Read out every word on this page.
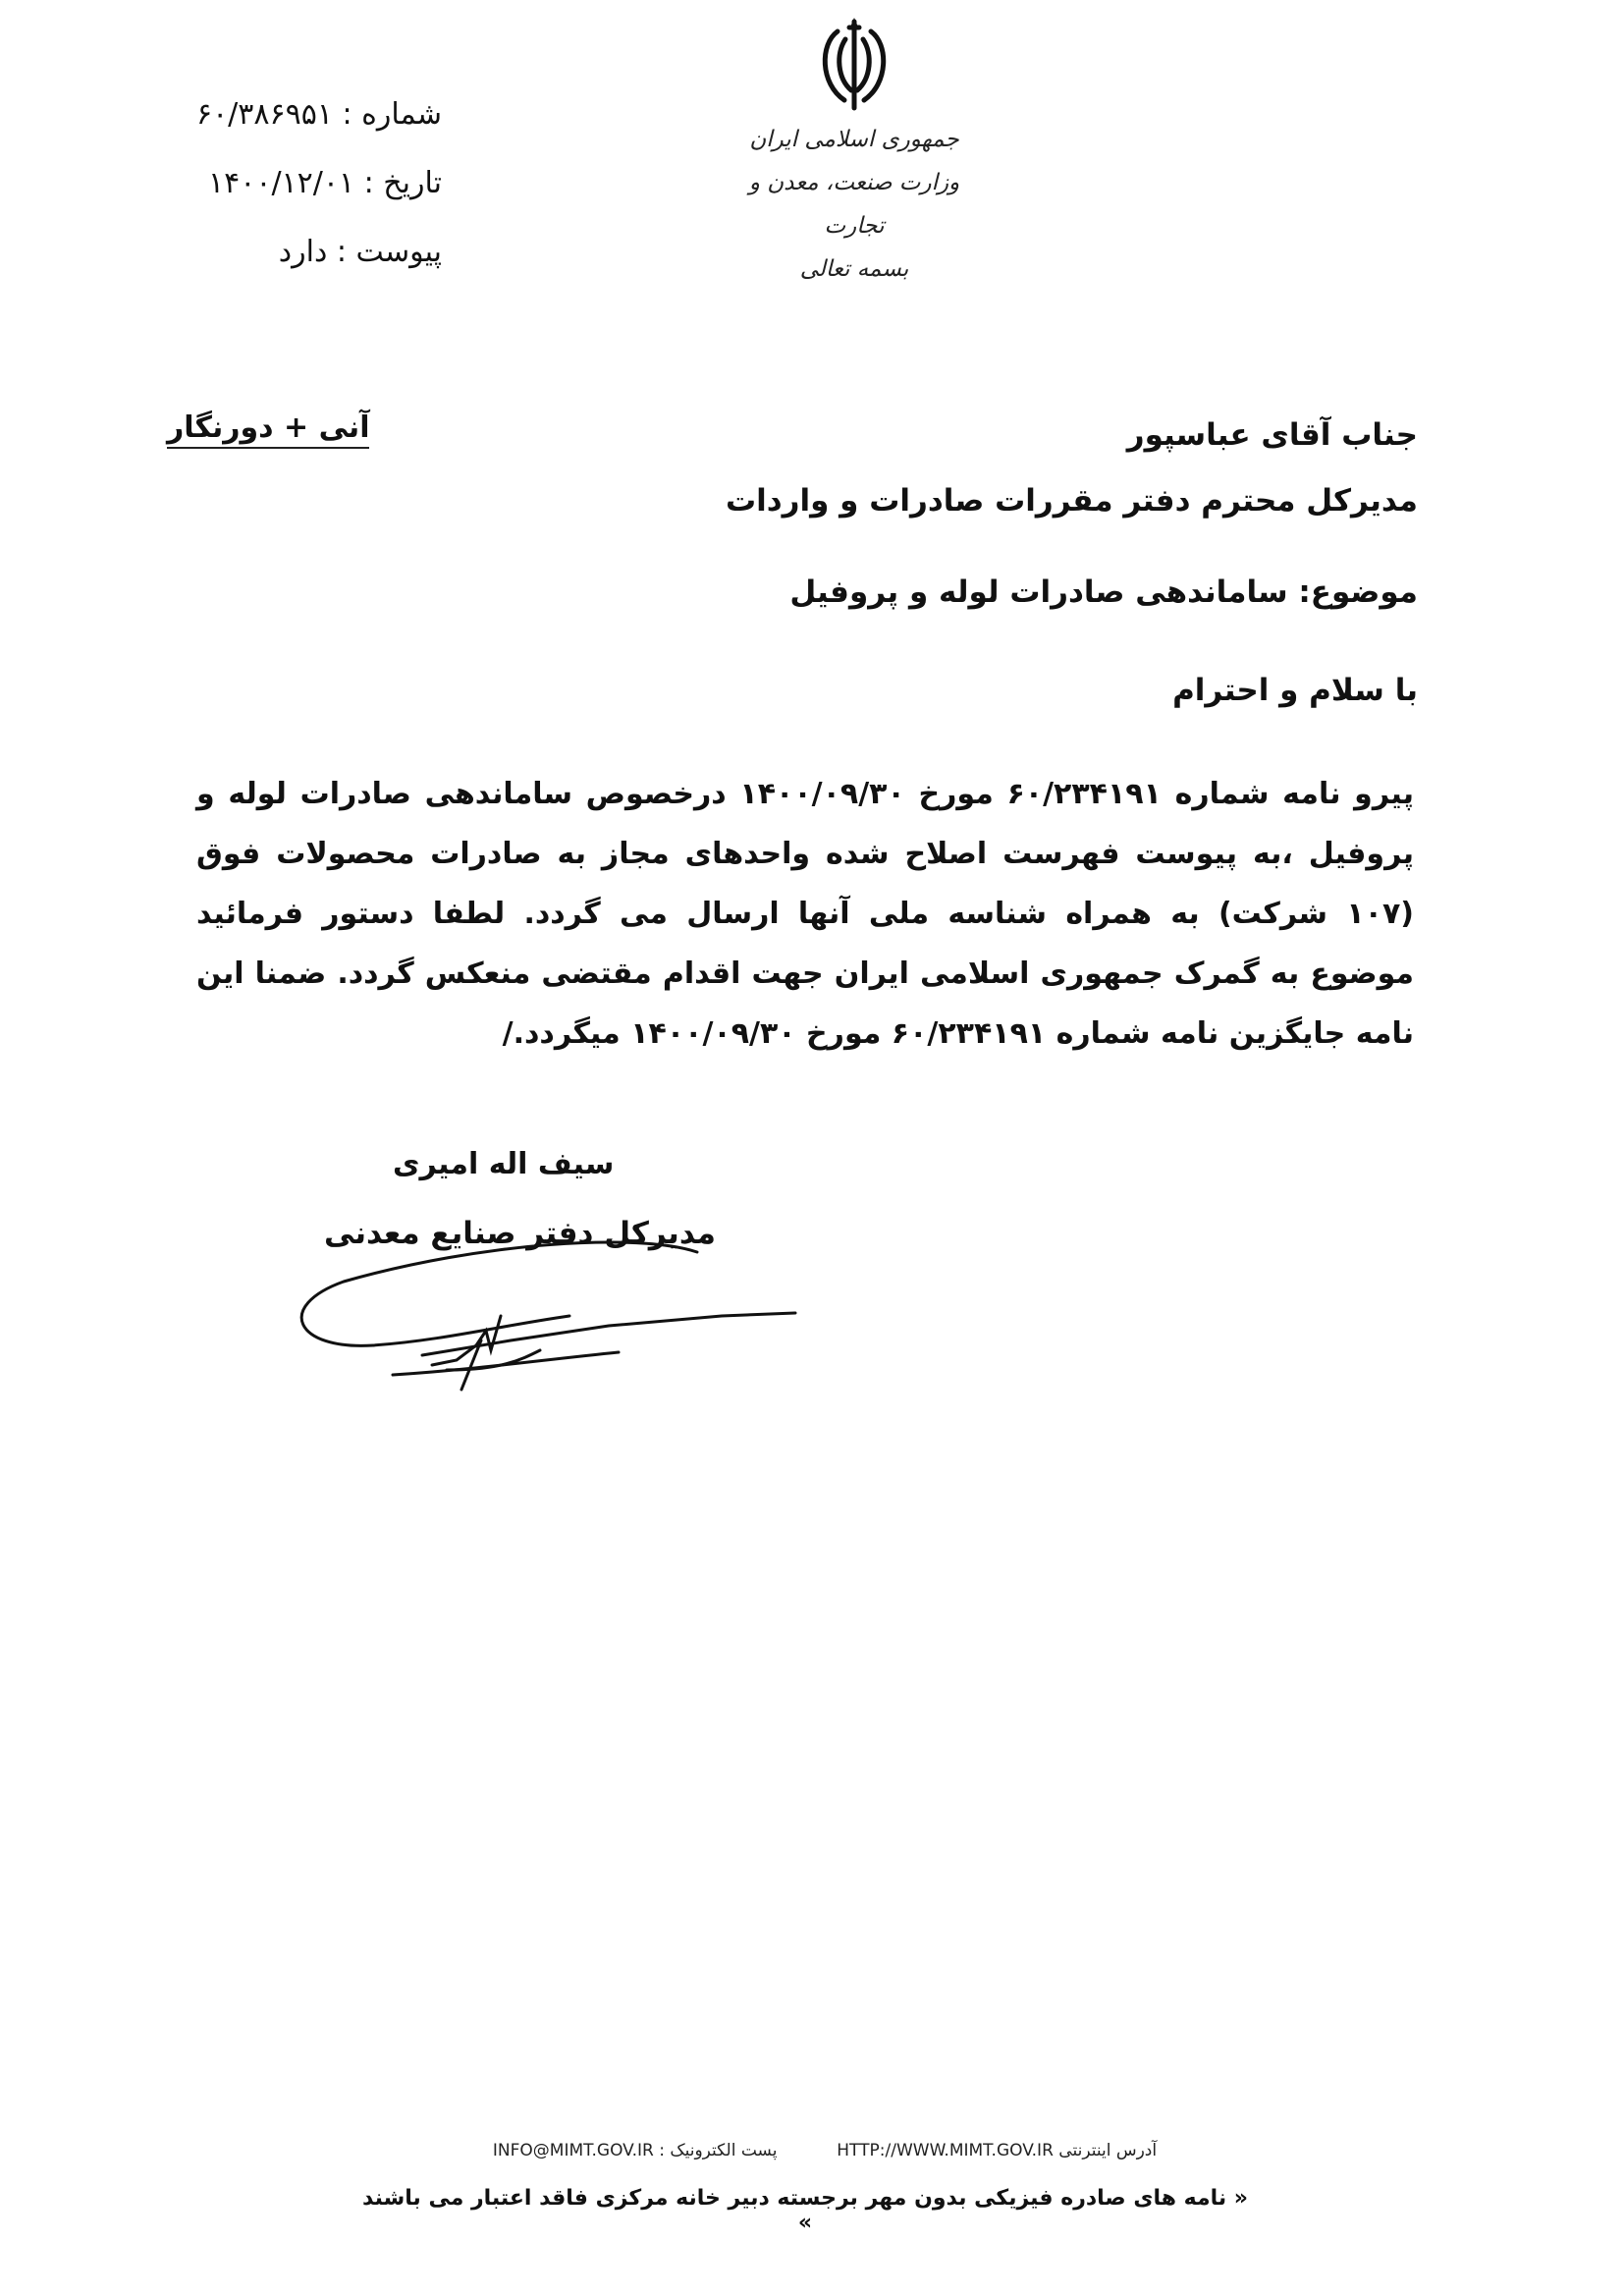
شماره : ۶۰/۳۸۶۹۵۱
تاریخ : ۱۴۰۰/۱۲/۰۱
پیوست : دارد
جمهوری اسلامی ایران
وزارت صنعت، معدن و تجارت
بسمه تعالی
آنی + دورنگار	جناب آقای عباسپور
مدیرکل محترم دفتر مقررات صادرات و واردات
موضوع: ساماندهی صادرات لوله و پروفیل
با سلام و احترام
پیرو نامه شماره ۶۰/۲۳۴۱۹۱ مورخ ۱۴۰۰/۰۹/۳۰ درخصوص ساماندهی صادرات لوله و پروفیل ،به پیوست فهرست اصلاح شده واحدهای مجاز به صادرات محصولات فوق (۱۰۷ شرکت) به همراه شناسه ملی آنها ارسال می گردد. لطفا دستور فرمائید موضوع به گمرک جمهوری اسلامی ایران جهت اقدام مقتضی منعکس گردد. ضمنا این نامه جایگزین نامه شماره ۶۰/۲۳۴۱۹۱ مورخ ۱۴۰۰/۰۹/۳۰ میگردد./
سیف اله امیری
مدیرکل دفتر صنایع معدنی
INFO@MIMT.GOV.IR پست الکترونیک :	HTTP://WWW.MIMT.GOV.IR آدرس اینترنتی
« نامه های صادره فیزیکی بدون مهر برجسته دبیر خانه مرکزی فاقد اعتبار می باشند »
